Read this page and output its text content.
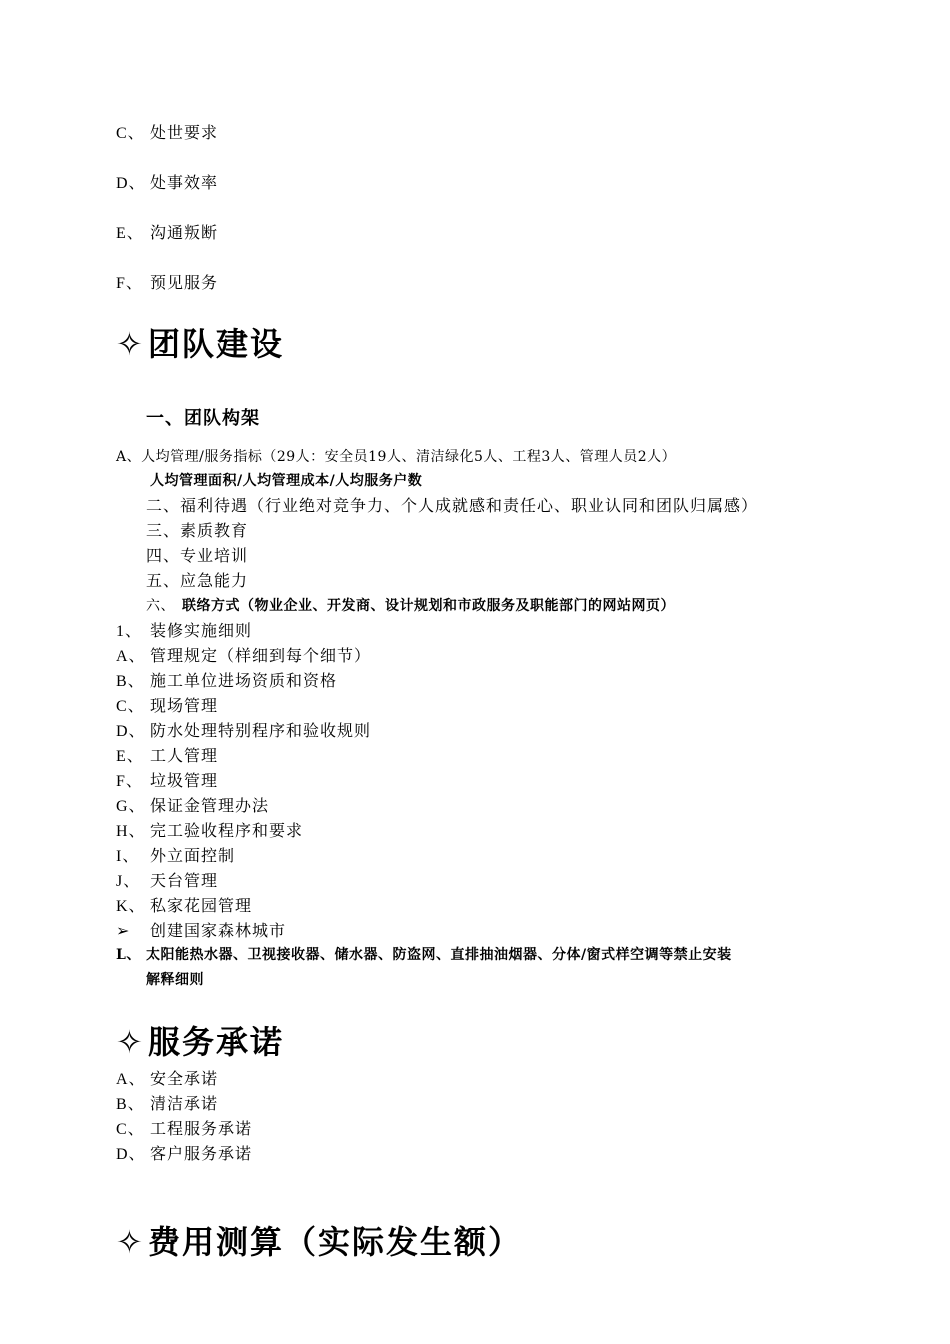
C、 处世要求
D、 处事效率
E、 沟通叛断
F、 预见服务
✧团队建设
一、团队构架
A、人均管理/服务指标（29人：安全员19人、清洁绿化5人、工程3人、管理人员2人）
人均管理面积/人均管理成本/人均服务户数
二、福利待遇（行业绝对竞争力、个人成就感和责任心、职业认同和团队归属感）
三、素质教育
四、专业培训
五、应急能力
六、 联络方式（物业企业、开发商、设计规划和市政服务及职能部门的网站网页）
1、 装修实施细则
A、 管理规定（样细到每个细节）
B、 施工单位进场资质和资格
C、 现场管理
D、 防水处理特别程序和验收规则
E、 工人管理
F、 垃圾管理
G、 保证金管理办法
H、 完工验收程序和要求
I、 外立面控制
J、 天台管理
K、 私家花园管理
➢ 创建国家森林城市
L、 太阳能热水器、卫视接收器、储水器、防盗网、直排抽油烟器、分体/窗式样空调等禁止安装
解释细则
✧服务承诺
A、 安全承诺
B、 清洁承诺
C、 工程服务承诺
D、 客户服务承诺
✧费用测算（实际发生额）
